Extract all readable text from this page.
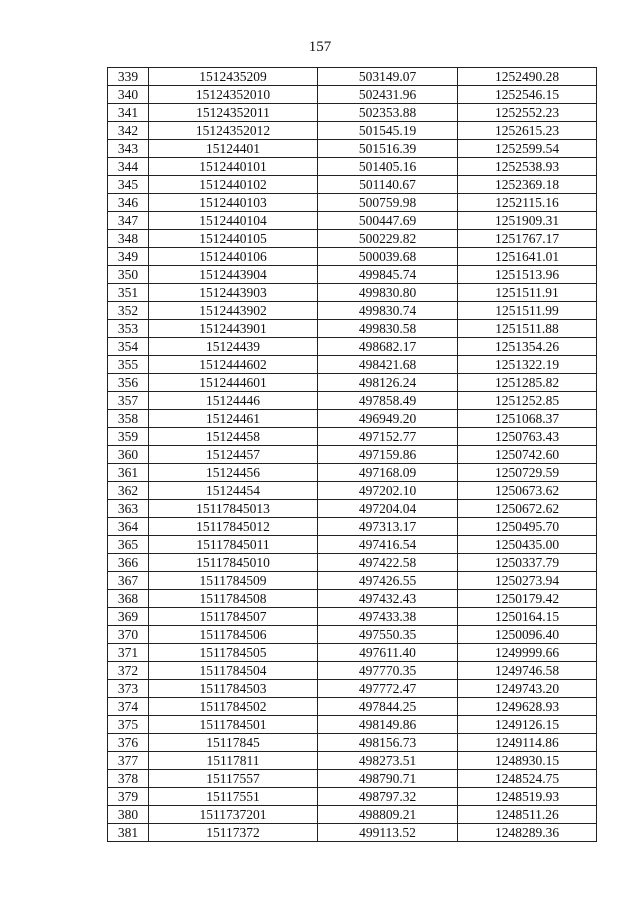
157
339	1512435209	503149.07	1252490.28
340	15124352010	502431.96	1252546.15
341	15124352011	502353.88	1252552.23
342	15124352012	501545.19	1252615.23
343	15124401	501516.39	1252599.54
344	1512440101	501405.16	1252538.93
345	1512440102	501140.67	1252369.18
346	1512440103	500759.98	1252115.16
347	1512440104	500447.69	1251909.31
348	1512440105	500229.82	1251767.17
349	1512440106	500039.68	1251641.01
350	1512443904	499845.74	1251513.96
351	1512443903	499830.80	1251511.91
352	1512443902	499830.74	1251511.99
353	1512443901	499830.58	1251511.88
354	15124439	498682.17	1251354.26
355	1512444602	498421.68	1251322.19
356	1512444601	498126.24	1251285.82
357	15124446	497858.49	1251252.85
358	15124461	496949.20	1251068.37
359	15124458	497152.77	1250763.43
360	15124457	497159.86	1250742.60
361	15124456	497168.09	1250729.59
362	15124454	497202.10	1250673.62
363	15117845013	497204.04	1250672.62
364	15117845012	497313.17	1250495.70
365	15117845011	497416.54	1250435.00
366	15117845010	497422.58	1250337.79
367	1511784509	497426.55	1250273.94
368	1511784508	497432.43	1250179.42
369	1511784507	497433.38	1250164.15
370	1511784506	497550.35	1250096.40
371	1511784505	497611.40	1249999.66
372	1511784504	497770.35	1249746.58
373	1511784503	497772.47	1249743.20
374	1511784502	497844.25	1249628.93
375	1511784501	498149.86	1249126.15
376	15117845	498156.73	1249114.86
377	15117811	498273.51	1248930.15
378	15117557	498790.71	1248524.75
379	15117551	498797.32	1248519.93
380	1511737201	498809.21	1248511.26
381	15117372	499113.52	1248289.36
